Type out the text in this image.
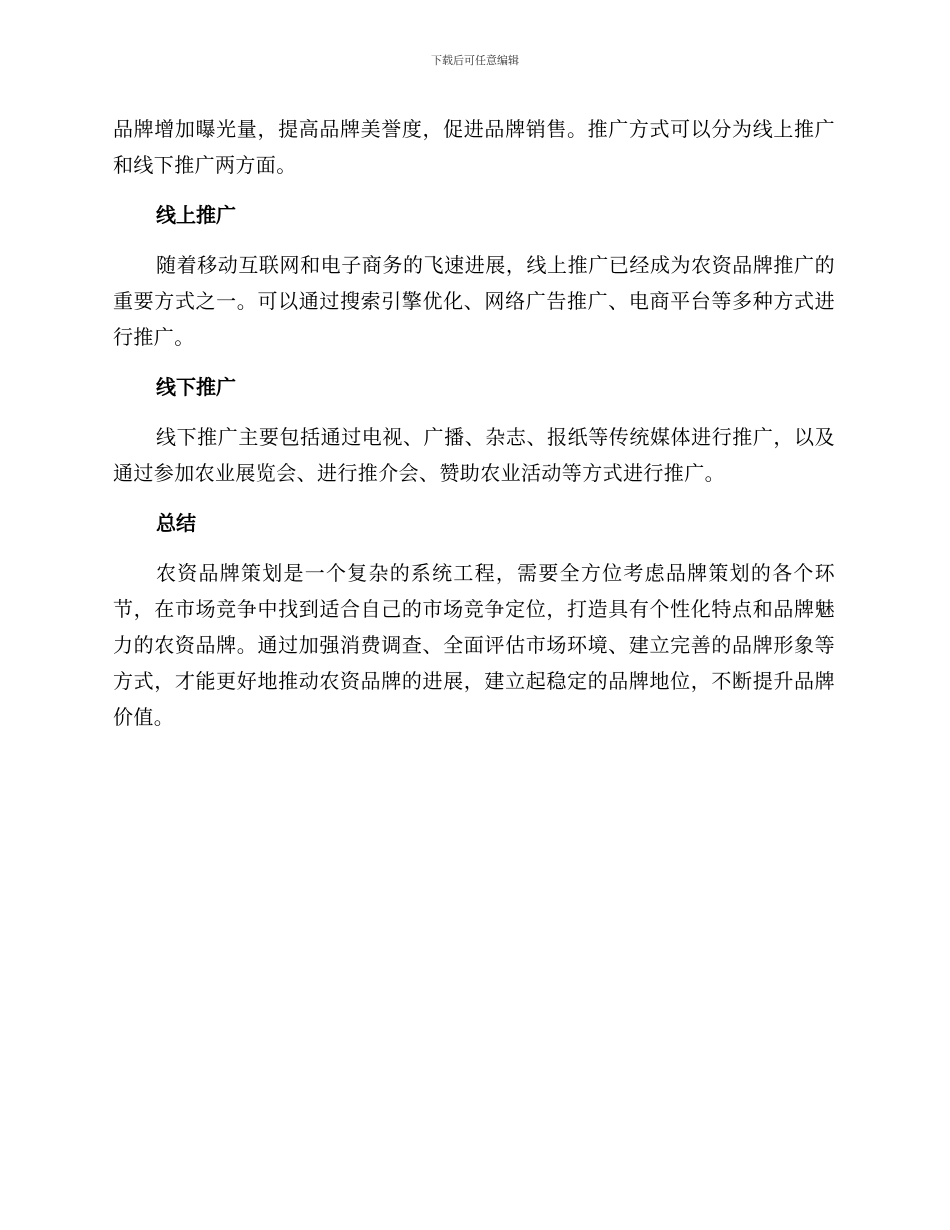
下载后可任意编辑

品牌增加曝光量，提高品牌美誉度，促进品牌销售。推广方式可以分为线上推广和线下推广两方面。

线上推广

随着移动互联网和电子商务的飞速进展，线上推广已经成为农资品牌推广的重要方式之一。可以通过搜索引擎优化、网络广告推广、电商平台等多种方式进行推广。

线下推广

线下推广主要包括通过电视、广播、杂志、报纸等传统媒体进行推广，以及通过参加农业展览会、进行推介会、赞助农业活动等方式进行推广。

总结

农资品牌策划是一个复杂的系统工程，需要全方位考虑品牌策划的各个环节，在市场竞争中找到适合自己的市场竞争定位，打造具有个性化特点和品牌魅力的农资品牌。通过加强消费调查、全面评估市场环境、建立完善的品牌形象等方式，才能更好地推动农资品牌的进展，建立起稳定的品牌地位，不断提升品牌价值。
